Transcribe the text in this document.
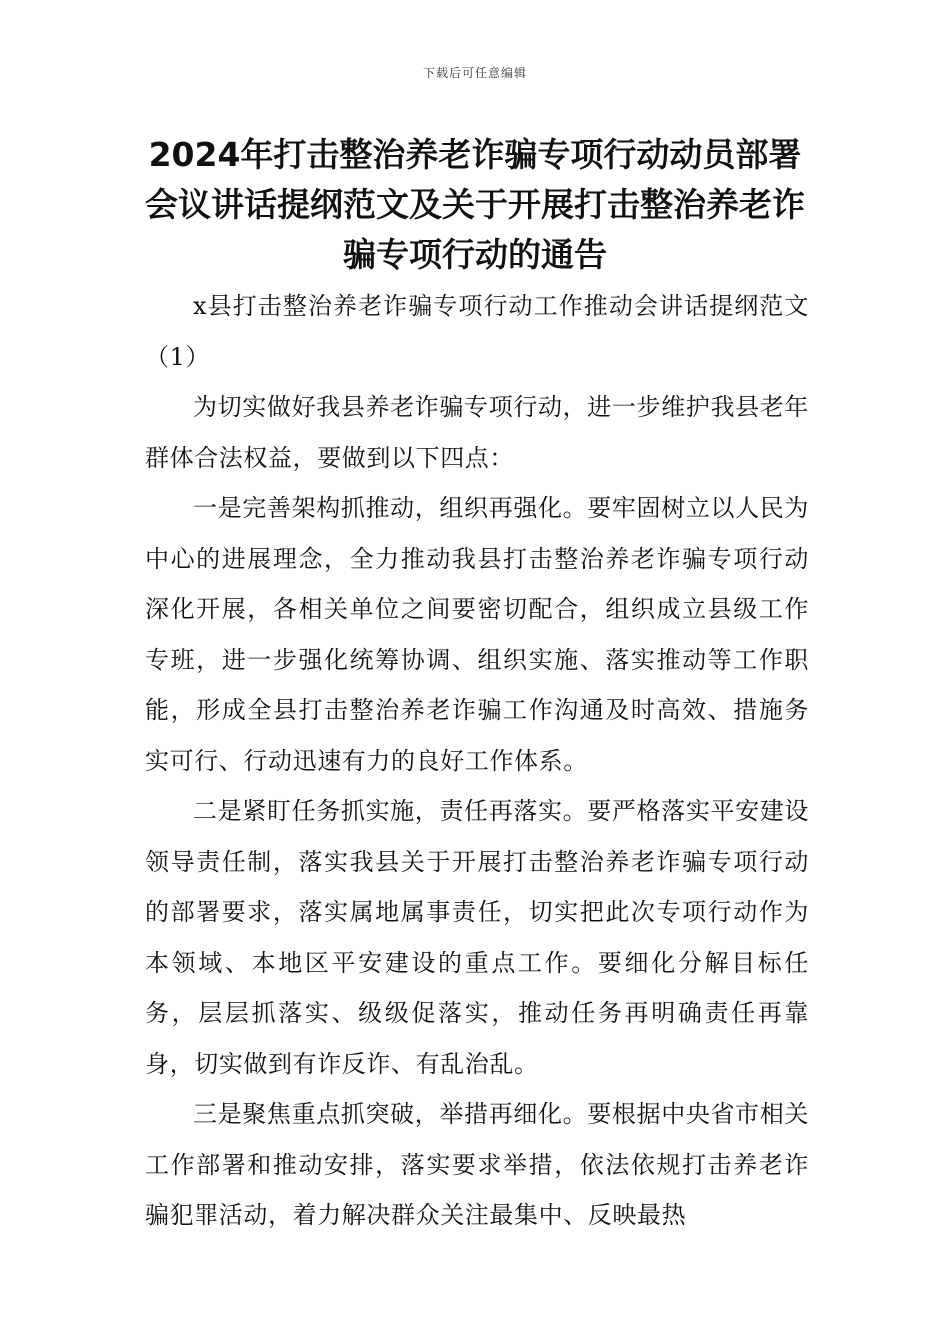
下载后可任意编辑
2024年打击整治养老诈骗专项行动动员部署会议讲话提纲范文及关于开展打击整治养老诈骗专项行动的通告

x县打击整治养老诈骗专项行动工作推动会讲话提纲范文（1）

为切实做好我县养老诈骗专项行动，进一步维护我县老年群体合法权益，要做到以下四点：

一是完善架构抓推动，组织再强化。要牢固树立以人民为中心的进展理念，全力推动我县打击整治养老诈骗专项行动深化开展，各相关单位之间要密切配合，组织成立县级工作专班，进一步强化统筹协调、组织实施、落实推动等工作职能，形成全县打击整治养老诈骗工作沟通及时高效、措施务实可行、行动迅速有力的良好工作体系。

二是紧盯任务抓实施，责任再落实。要严格落实平安建设领导责任制，落实我县关于开展打击整治养老诈骗专项行动的部署要求，落实属地属事责任，切实把此次专项行动作为本领域、本地区平安建设的重点工作。要细化分解目标任务，层层抓落实、级级促落实，推动任务再明确责任再靠身，切实做到有诈反诈、有乱治乱。

三是聚焦重点抓突破，举措再细化。要根据中央省市相关工作部署和推动安排，落实要求举措，依法依规打击养老诈骗犯罪活动，着力解决群众关注最集中、反映最热
